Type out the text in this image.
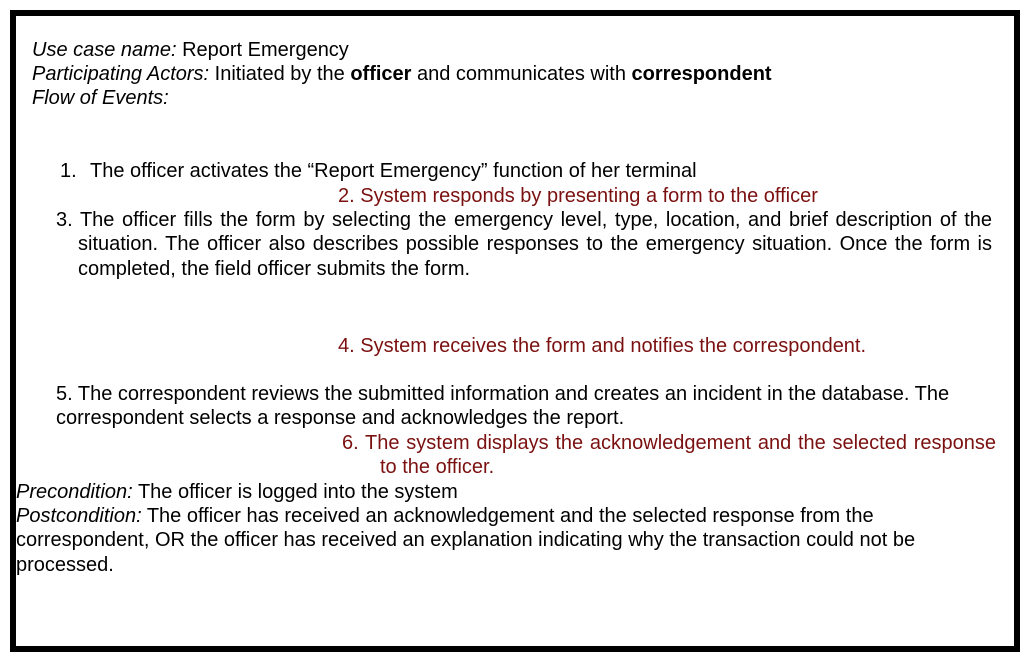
Use case name: Report Emergency
Participating Actors: Initiated by the officer and communicates with correspondent
Flow of Events:
1. The officer activates the “Report Emergency” function of her terminal
2. System responds by presenting a form to the officer

3. The officer fills the form by selecting the emergency level, type, location, and brief description of the situation. The officer also describes possible responses to the emergency situation. Once the form is completed, the field officer submits the form.

4. System receives the form and notifies the correspondent.

5. The correspondent reviews the submitted information and creates an incident in the database. The correspondent selects a response and acknowledges the report.

6. The system displays the acknowledgement and the selected response to the officer.

Precondition: The officer is logged into the system

Postcondition: The officer has received an acknowledgement and the selected response from the correspondent, OR the officer has received an explanation indicating why the transaction could not be processed.
